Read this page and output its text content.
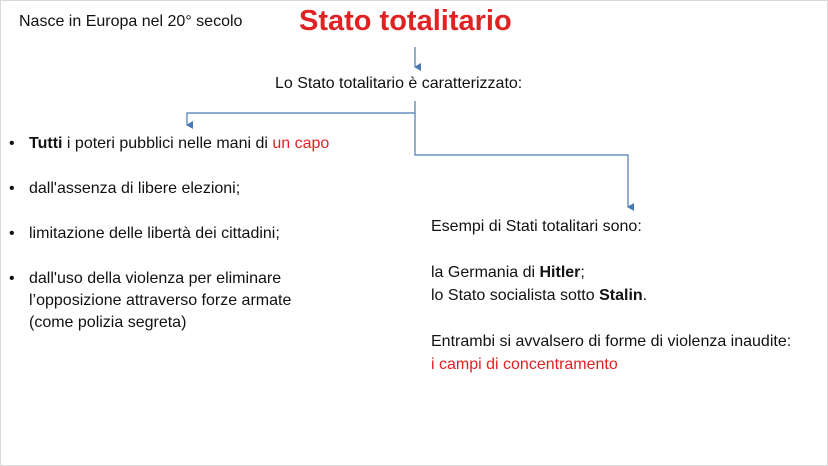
Nasce in Europa nel 20° secolo Stato totalitario
Lo Stato totalitario è caratterizzato:
• Tutti i poteri pubblici nelle mani di un capo
• dall'assenza di libere elezioni;
• limitazione delle libertà dei cittadini;
• dall'uso della violenza per eliminare
l’opposizione attraverso forze armate
(come polizia segreta)
Esempi di Stati totalitari sono:
la Germania di Hitler;
lo Stato socialista sotto Stalin.
Entrambi si avvalsero di forme di violenza inaudite:
i campi di concentramento
